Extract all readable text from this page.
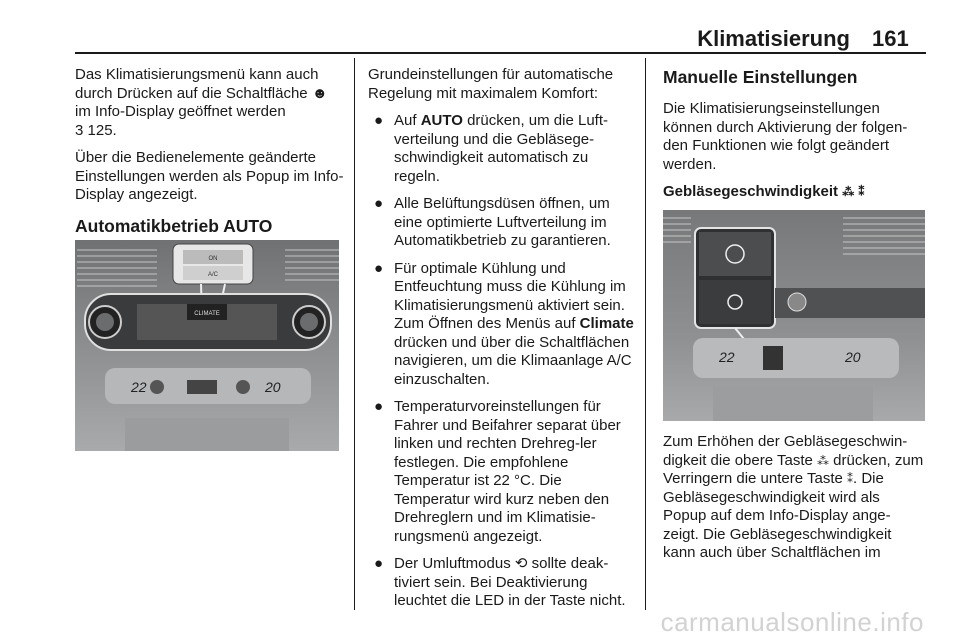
Klimatisierung 161

Das Klimatisierungsmenü kann auch durch Drücken auf die Schaltfläche ☻ im Info-Display geöffnet werden
3 125.

Über die Bedienelemente geänderte Einstellungen werden als Popup im Info-Display angezeigt.

Automatikbetrieb AUTO
ON
A/C
CLIMATE
22	20

Grundeinstellungen für automatische Regelung mit maximalem Komfort:

● Auf AUTO drücken, um die Luft-verteilung und die Gebläsege-schwindigkeit automatisch zu regeln.
● Alle Belüftungsdüsen öffnen, um eine optimierte Luftverteilung im Automatikbetrieb zu garantieren.
● Für optimale Kühlung und Entfeuchtung muss die Kühlung im Klimatisierungsmenü aktiviert sein. Zum Öffnen des Menüs auf Climate drücken und über die Schaltflächen navigieren, um die Klimaanlage A/C einzuschalten.
● Temperaturvoreinstellungen für Fahrer und Beifahrer separat über linken und rechten Drehreg-ler festlegen. Die empfohlene Temperatur ist 22 °C. Die Temperatur wird kurz neben den Drehreglern und im Klimatisie-rungsmenü angezeigt.
● Der Umluftmodus ⟲ sollte deak-tiviert sein. Bei Deaktivierung leuchtet die LED in der Taste nicht.
Manuelle Einstellungen

Die Klimatisierungseinstellungen können durch Aktivierung der folgen-den Funktionen wie folgt geändert werden.

Gebläsegeschwindigkeit ⁂ ⁑
22	20

Zum Erhöhen der Gebläsegeschwin-digkeit die obere Taste ⁂ drücken, zum Verringern die untere Taste ⁑. Die Gebläsegeschwindigkeit wird als Popup auf dem Info-Display ange-zeigt. Die Gebläsegeschwindigkeit kann auch über Schaltflächen im

carmanualsonline.info
